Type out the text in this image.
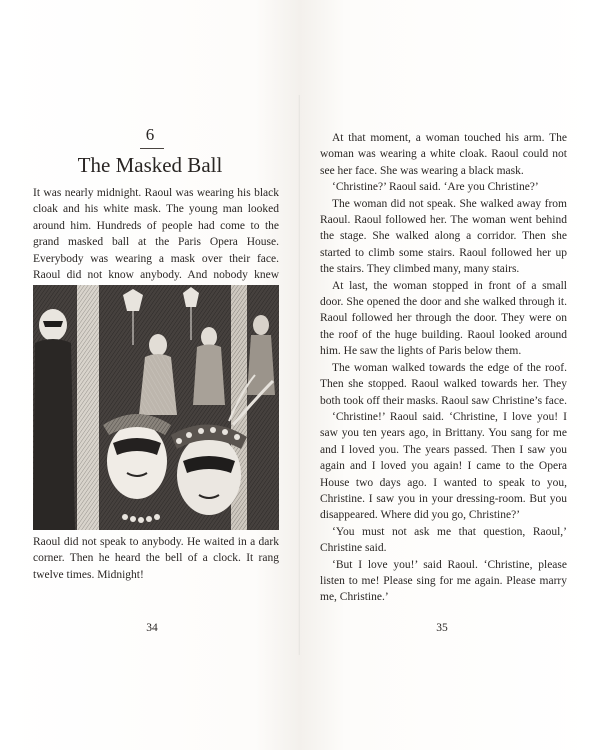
6
The Masked Ball

It was nearly midnight. Raoul was wearing his black cloak and his white mask. The young man looked around him. Hundreds of people had come to the grand masked ball at the Paris Opera House. Everybody was wearing a mask over their face. Raoul did not know anybody. And nobody knew

Raoul did not speak to anybody. He waited in a dark corner. Then he heard the bell of a clock. It rang twelve times. Midnight!

34

At that moment, a woman touched his arm. The woman was wearing a white cloak. Raoul could not see her face. She was wearing a black mask.

‘Christine?’ Raoul said. ‘Are you Christine?’

The woman did not speak. She walked away from Raoul. Raoul followed her. The woman went behind the stage. She walked along a corridor. Then she started to climb some stairs. Raoul followed her up the stairs. They climbed many, many stairs.

At last, the woman stopped in front of a small door. She opened the door and she walked through it. Raoul followed her through the door. They were on the roof of the huge building. Raoul looked around him. He saw the lights of Paris below them.

The woman walked towards the edge of the roof. Then she stopped. Raoul walked towards her. They both took off their masks. Raoul saw Christine’s face.

‘Christine!’ Raoul said. ‘Christine, I love you! I saw you ten years ago, in Brittany. You sang for me and I loved you. The years passed. Then I saw you again and I loved you again! I came to the Opera House two days ago. I wanted to speak to you, Christine. I saw you in your dressing-room. But you disappeared. Where did you go, Christine?’

‘You must not ask me that question, Raoul,’ Christine said.

‘But I love you!’ said Raoul. ‘Christine, please listen to me! Please sing for me again. Please marry me, Christine.’

35
